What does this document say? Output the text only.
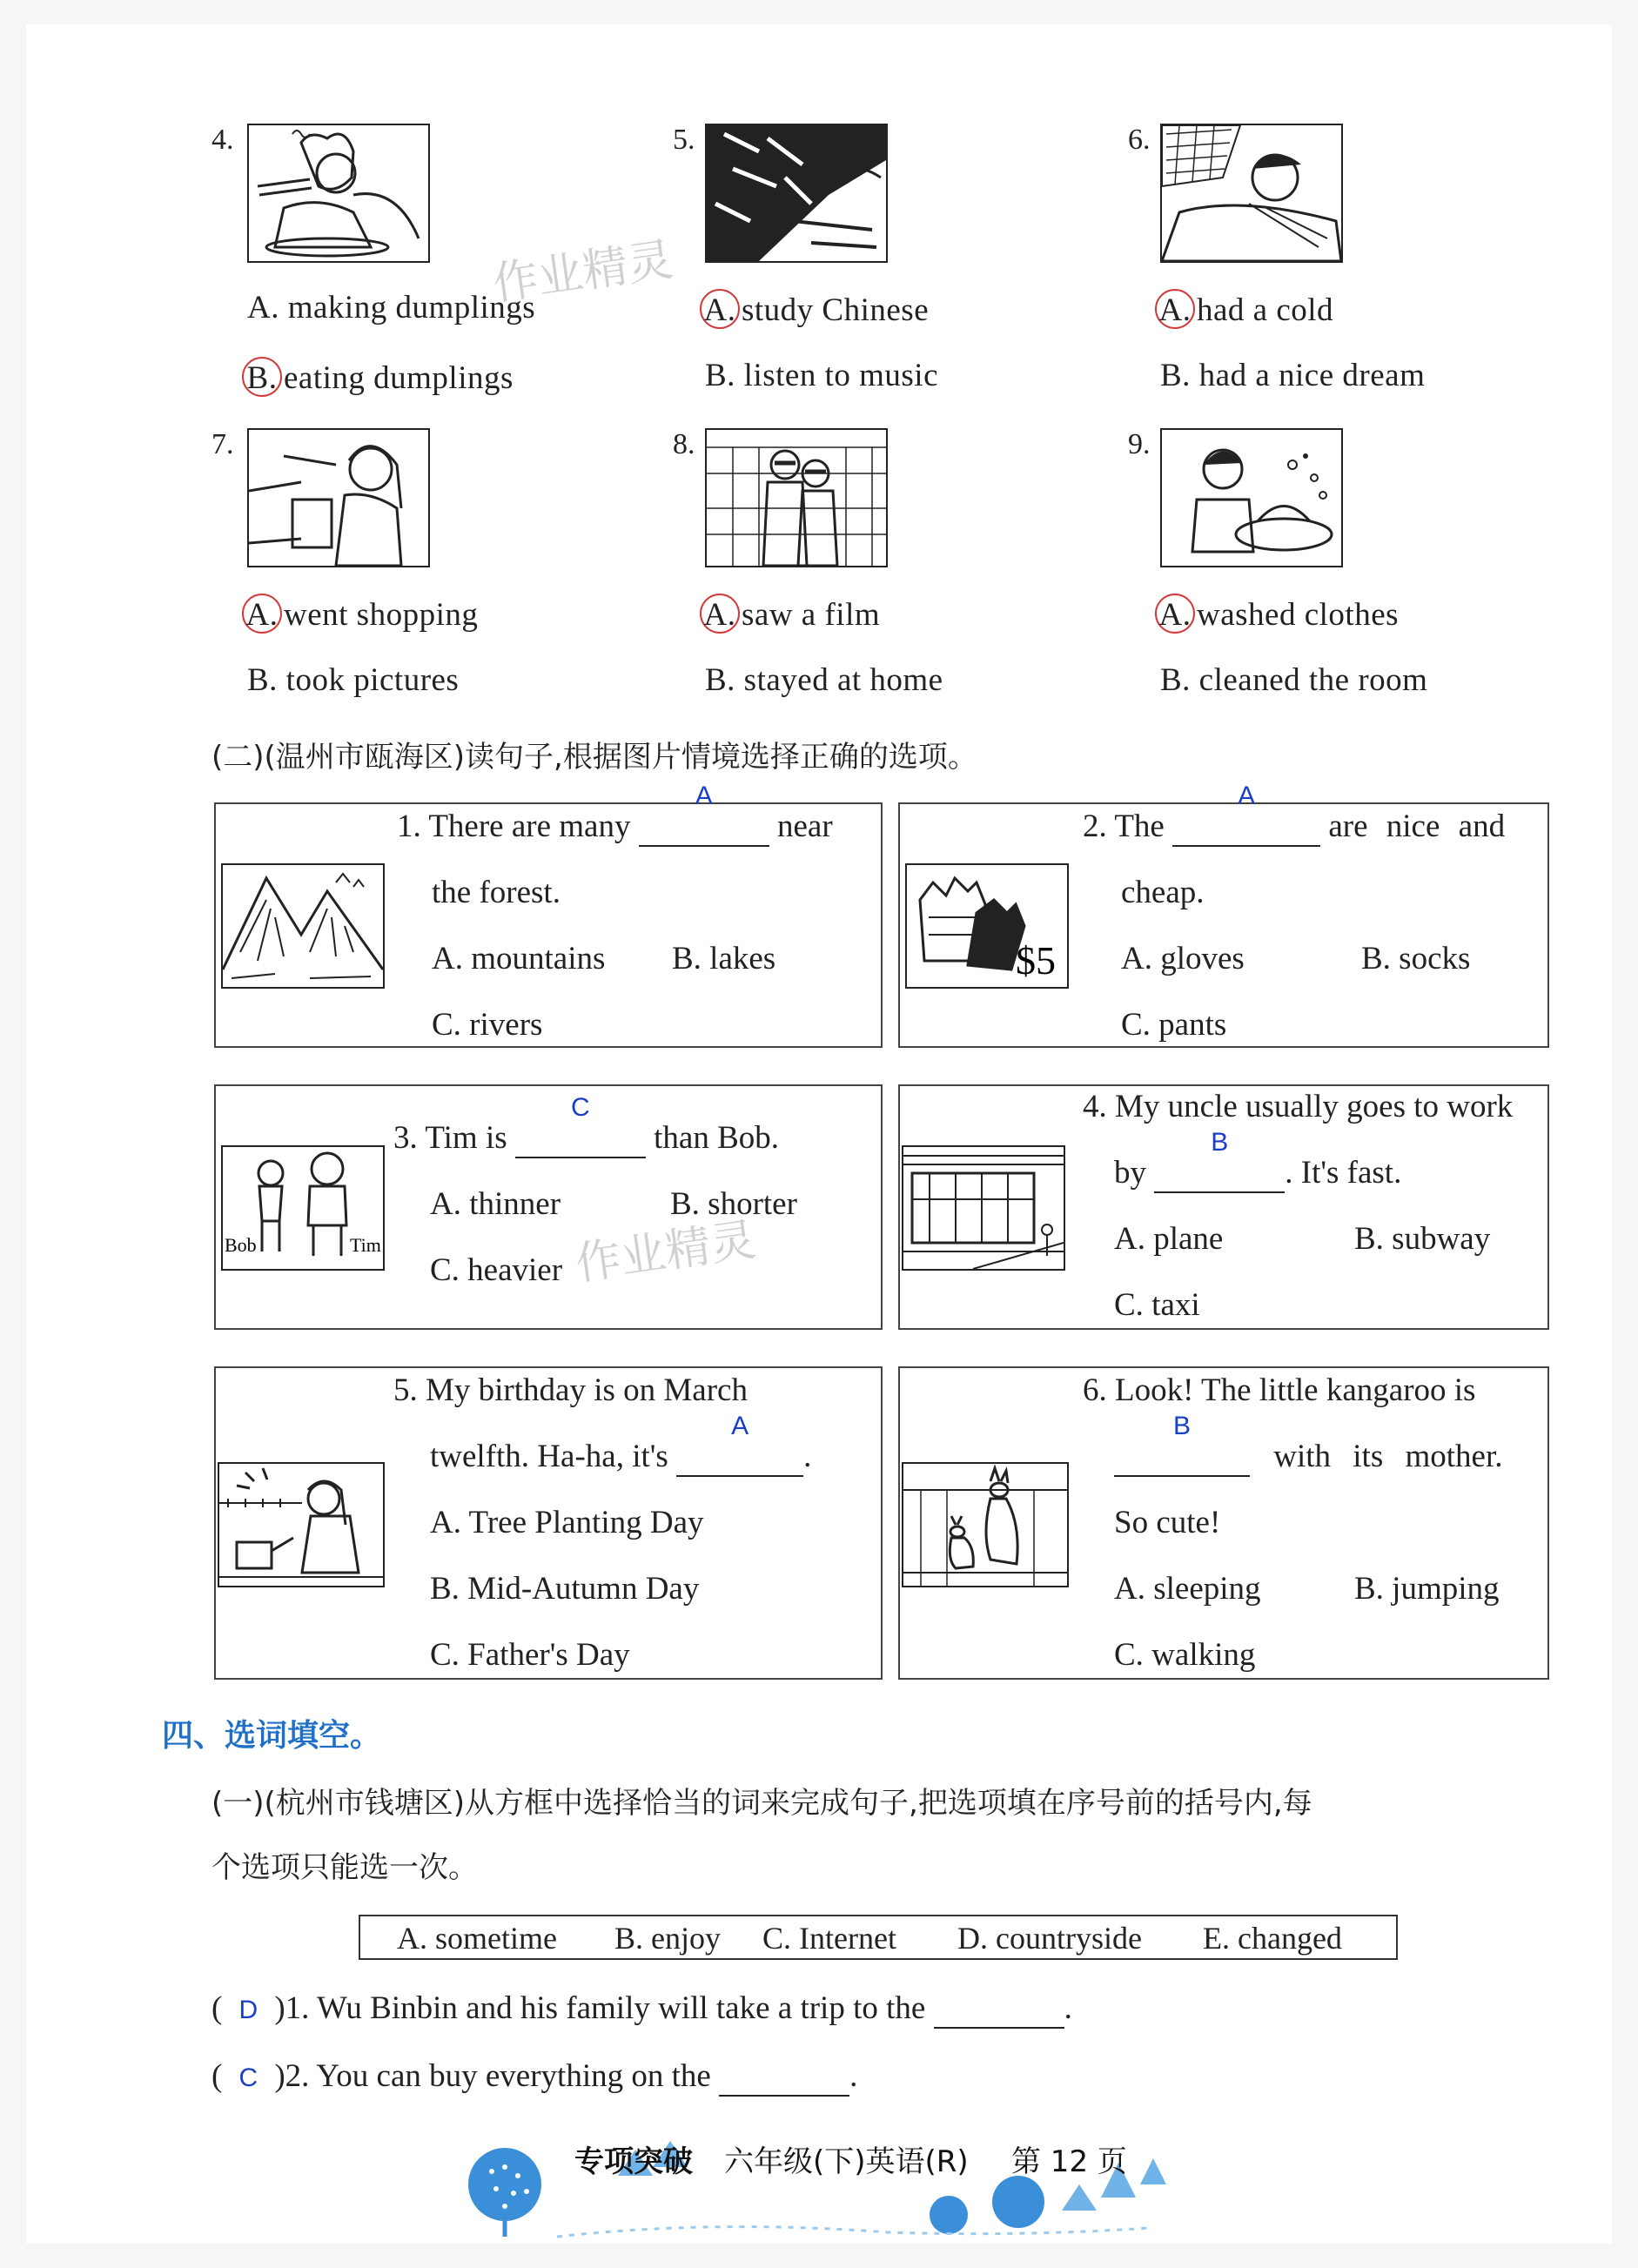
4.
A. making dumplings
B. eating dumplings
5.
A. study Chinese
B. listen to music
6.
A. had a cold
B. had a nice dream
作业精灵
7.
A. went shopping
B. took pictures
8.
A. saw a film
B. stayed at home
9.
A. washed clothes
B. cleaned the room
(二)(温州市瓯海区)读句子,根据图片情境选择正确的选项。
1. There are many
A
near
the forest.
A. mountains B. lakes
C. rivers
$5
2. The
A
are nice and
cheap.
A. gloves	B. socks
C. pants
Bob	Tim
3. Tim is
C
than Bob.
A. thinner	B. shorter
C. heavier
4. My uncle usually goes to work
by
B
. It's fast.
A. plane	B. subway
C. taxi
作业精灵
5. My birthday is on March
twelfth. Ha-ha, it's
A
.
A. Tree Planting Day
B. Mid-Autumn Day
C. Father's Day
6. Look! The little kangaroo is

B
with its mother.
So cute!
A. sleeping	B. jumping
C. walking
四、选词填空。
(一)(杭州市钱塘区)从方框中选择恰当的词来完成句子,把选项填在序号前的括号内,每
个选项只能选一次。
A. sometime B. enjoy C. Internet D. countryside E. changed
( D )1. Wu Binbin and his family will take a trip to the	.
( C )2. You can buy everything on the	.
专项突破 六年级(下)英语(R) 第 12 页
